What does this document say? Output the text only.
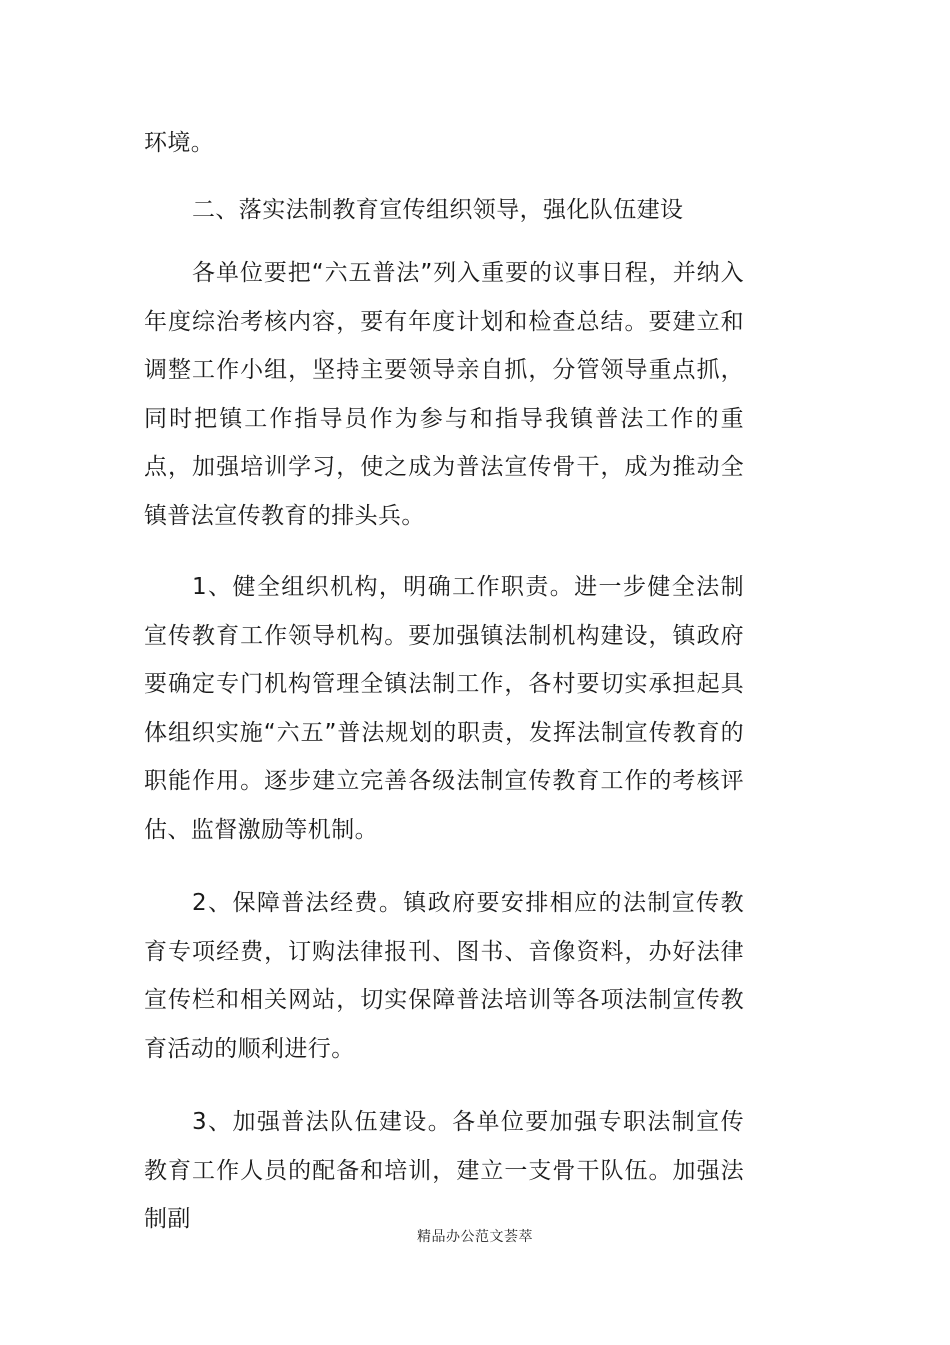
环境。

二、落实法制教育宣传组织领导，强化队伍建设

各单位要把“六五普法”列入重要的议事日程，并纳入年度综治考核内容，要有年度计划和检查总结。要建立和调整工作小组，坚持主要领导亲自抓，分管领导重点抓，同时把镇工作指导员作为参与和指导我镇普法工作的重点，加强培训学习，使之成为普法宣传骨干，成为推动全镇普法宣传教育的排头兵。

1、健全组织机构，明确工作职责。进一步健全法制宣传教育工作领导机构。要加强镇法制机构建设，镇政府要确定专门机构管理全镇法制工作，各村要切实承担起具体组织实施“六五”普法规划的职责，发挥法制宣传教育的职能作用。逐步建立完善各级法制宣传教育工作的考核评估、监督激励等机制。

2、保障普法经费。镇政府要安排相应的法制宣传教育专项经费，订购法律报刊、图书、音像资料，办好法律宣传栏和相关网站，切实保障普法培训等各项法制宣传教育活动的顺利进行。

3、加强普法队伍建设。各单位要加强专职法制宣传教育工作人员的配备和培训，建立一支骨干队伍。加强法制副

精品办公范文荟萃
